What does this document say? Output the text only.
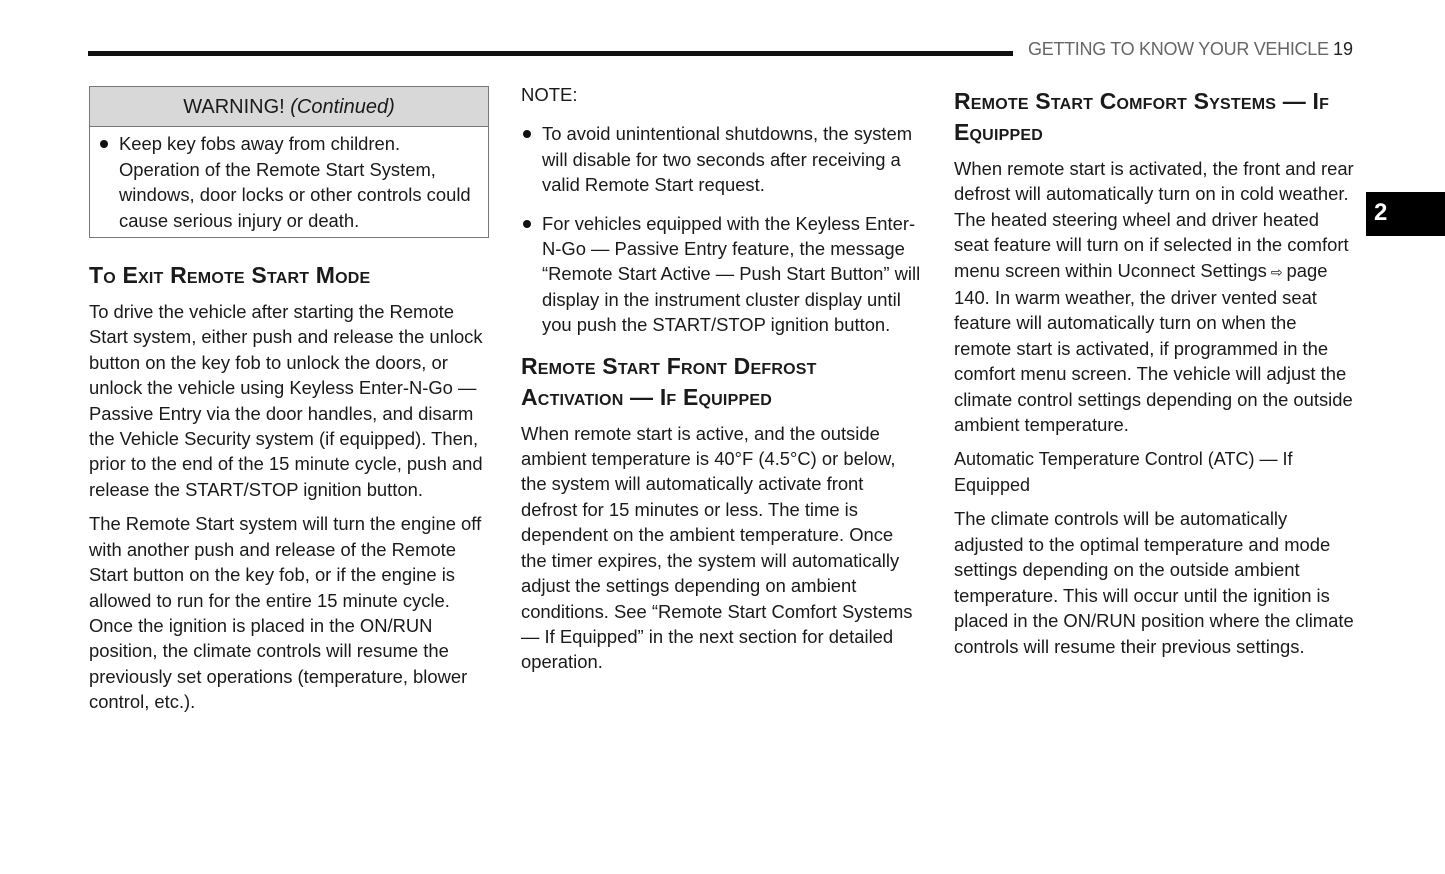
GETTING TO KNOW YOUR VEHICLE 19
2
WARNING! (Continued)
Keep key fobs away from children. Operation of the Remote Start System, windows, door locks or other controls could cause serious injury or death.
To Exit Remote Start Mode

To drive the vehicle after starting the Remote Start system, either push and release the unlock button on the key fob to unlock the doors, or unlock the vehicle using Keyless Enter-N-Go — Passive Entry via the door handles, and disarm the Vehicle Security system (if equipped). Then, prior to the end of the 15 minute cycle, push and release the START/STOP ignition button.

The Remote Start system will turn the engine off with another push and release of the Remote Start button on the key fob, or if the engine is allowed to run for the entire 15 minute cycle. Once the ignition is placed in the ON/RUN position, the climate controls will resume the previously set operations (temperature, blower control, etc.).

NOTE:
To avoid unintentional shutdowns, the system will disable for two seconds after receiving a valid Remote Start request.
For vehicles equipped with the Keyless Enter-N-Go — Passive Entry feature, the message “Remote Start Active — Push Start Button” will display in the instrument cluster display until you push the START/STOP ignition button.
Remote Start Front Defrost Activation — If Equipped

When remote start is active, and the outside ambient temperature is 40°F (4.5°C) or below, the system will automatically activate front defrost for 15 minutes or less. The time is dependent on the ambient temperature. Once the timer expires, the system will automatically adjust the settings depending on ambient conditions. See “Remote Start Comfort Systems — If Equipped” in the next section for detailed operation.

Remote Start Comfort Systems — If Equipped

When remote start is activated, the front and rear defrost will automatically turn on in cold weather. The heated steering wheel and driver heated seat feature will turn on if selected in the comfort menu screen within Uconnect Settings ⇨ page 140. In warm weather, the driver vented seat feature will automatically turn on when the remote start is activated, if programmed in the comfort menu screen. The vehicle will adjust the climate control settings depending on the outside ambient temperature.

Automatic Temperature Control (ATC) — If Equipped

The climate controls will be automatically adjusted to the optimal temperature and mode settings depending on the outside ambient temperature. This will occur until the ignition is placed in the ON/RUN position where the climate controls will resume their previous settings.
